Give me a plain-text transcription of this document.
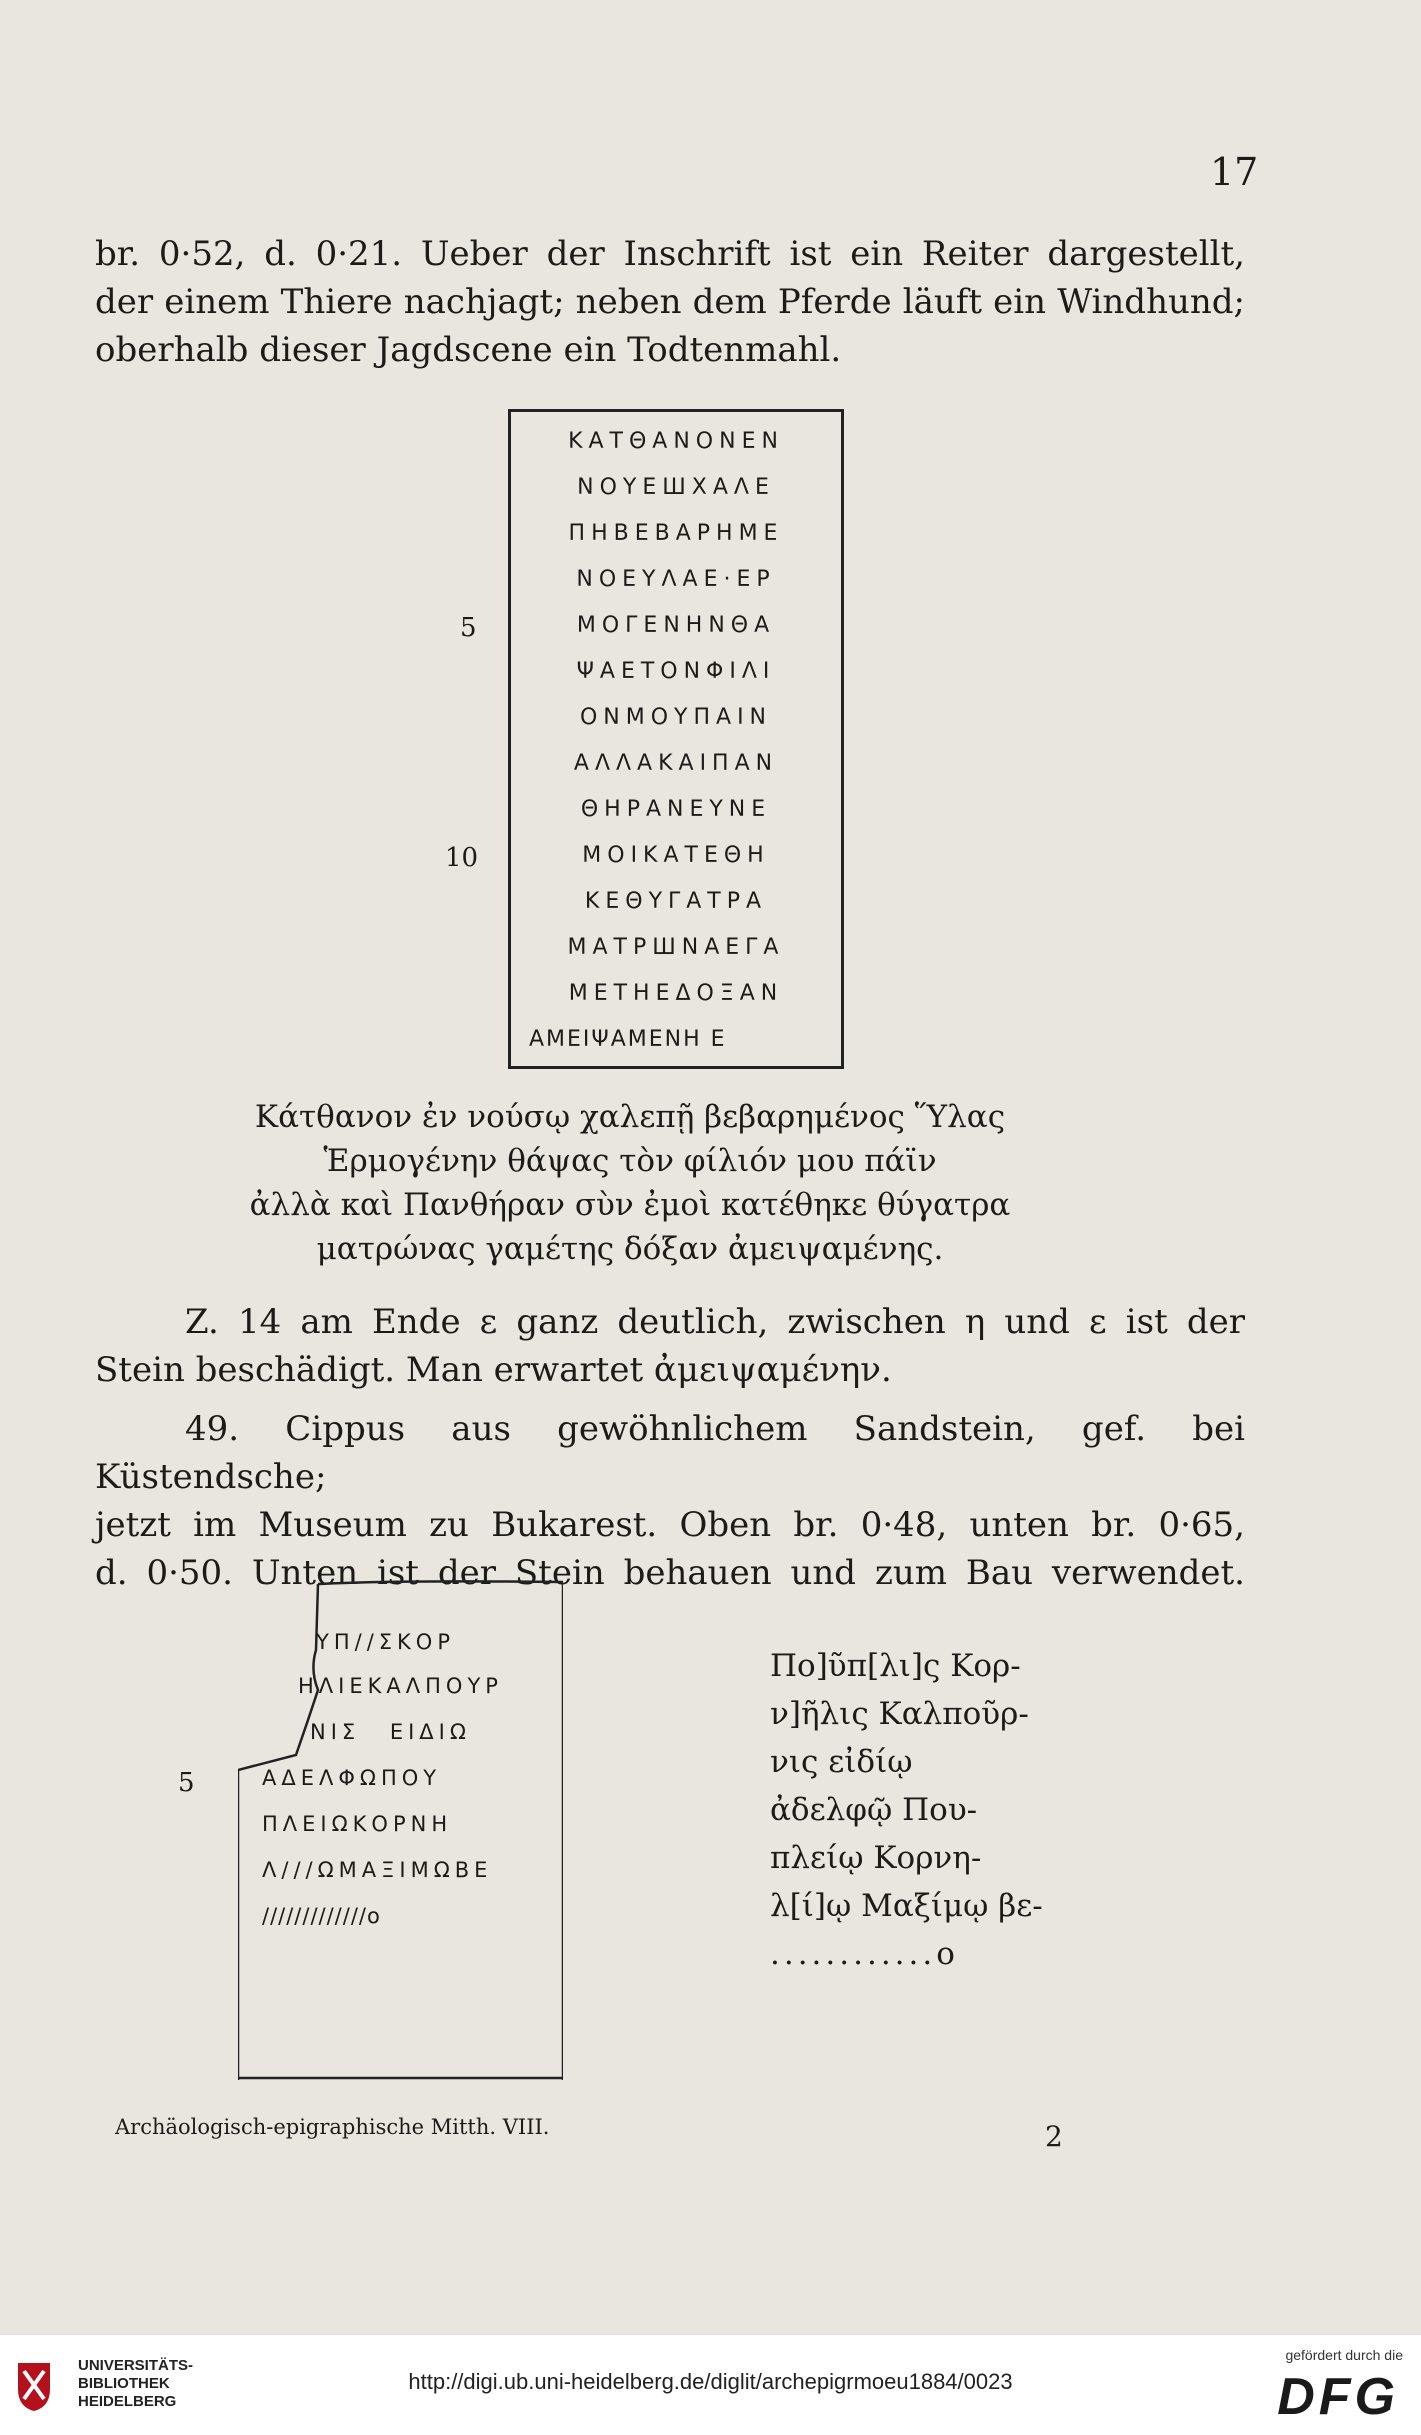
17
br. 0·52, d. 0·21. Ueber der Inschrift ist ein Reiter dargestellt,
der einem Thiere nachjagt; neben dem Pferde läuft ein Windhund;
oberhalb dieser Jagdscene ein Todtenmahl.
ΚΑΤΘΑΝΟΝΕΝ
ΝΟΥΕШΧΑΛΕ
ΠΗΒΕΒΑΡΗΜΕ
ΝΟΕΥΛΑΕ·ΕΡ
ΜΟΓΕΝΗΝΘΑ
ΨΑΕΤΟΝΦΙΛΙ
ΟΝΜΟΥΠΑΙΝ
ΑΛΛΑΚΑΙΠΑΝ
ΘΗΡΑΝΕΥΝΕ
ΜΟΙΚΑΤΕΘΗ
ΚΕΘΥΓΑΤΡΑ
ΜΑΤΡШΝΑΕΓΑ
ΜΕΤΗΕΔΟΞΑΝ
ΑΜΕΙΨΑΜΕΝΗ Ε
5
10
Κάτθανον ἐν νούσῳ χαλεπῇ βεβαρημένος Ὕλας
Ἑρμογένην θάψας τὸν φίλιόν μου πάϊν
ἀλλὰ καὶ Πανθήραν σὺν ἐμοὶ κατέθηκε θύγατρα
ματρώνας γαμέτης δόξαν ἀμειψαμένης.
Z. 14 am Ende ε ganz deutlich, zwischen η und ε ist der
Stein beschädigt. Man erwartet ἀμειψαμένην.
49. Cippus aus gewöhnlichem Sandstein, gef. bei Küstendsche;
jetzt im Museum zu Bukarest. Oben br. 0·48, unten br. 0·65,
d. 0·50. Unten ist der Stein behauen und zum Bau verwendet.
ΥΠ//ΣΚΟΡ
ΗΛΙΕΚΑΛΠΟΥΡ
ΝΙΣ ΕΙΔΙΩ
ΑΔΕΛΦΩΠΟΥ
ΠΛΕΙΩΚΟΡΝΗ
Λ///ΩΜΑΞΙΜΩΒΕ
/////////////ο
5
Πο]ῦπ[λι]ς Κορ-
ν]ῆλις Καλποῦρ-
νις εἰδίῳ
ἀδελφῷ Που-
πλείῳ Κορνη-
λ[ί]ῳ Μαξίμῳ βε-
............ο
Archäologisch-epigraphische Mitth. VIII.	2
UNIVERSITÄTS-
BIBLIOTHEK
HEIDELBERG
http://digi.ub.uni-heidelberg.de/diglit/archepigrmoeu1884/0023
gefördert durch die
DFG
